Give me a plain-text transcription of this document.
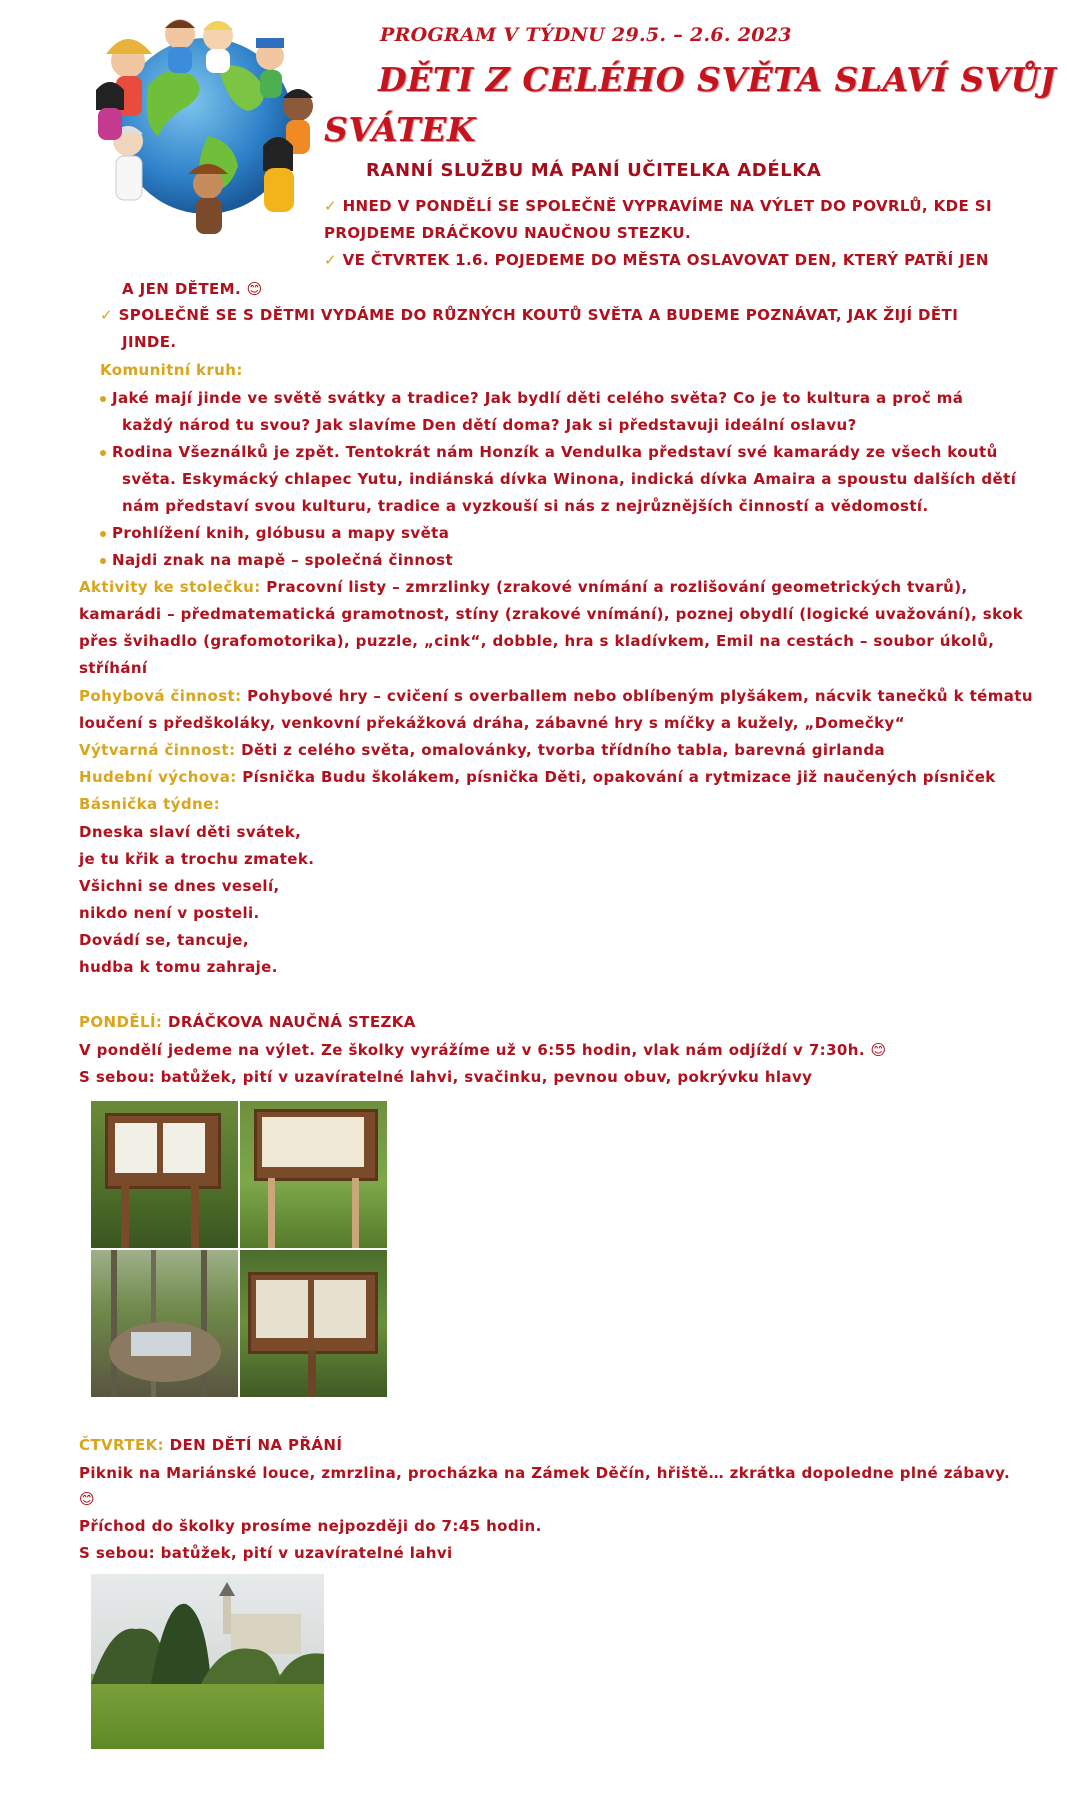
PROGRAM V TÝDNU 29.5. – 2.6. 2023
DĚTI Z CELÉHO SVĚTA SLAVÍ SVŮJ
SVÁTEK
RANNÍ SLUŽBU MÁ PANÍ UČITELKA ADÉLKA
✓ HNED V PONDĚLÍ SE SPOLEČNĚ VYPRAVÍME NA VÝLET DO POVRLŮ, KDE SI
PROJDEME DRÁČKOVU NAUČNOU STEZKU.
✓ VE ČTVRTEK 1.6. POJEDEME DO MĚSTA OSLAVOVAT DEN, KTERÝ PATŘÍ JEN
A JEN DĚTEM. 😊
✓ SPOLEČNĚ SE S DĚTMI VYDÁME DO RŮZNÝCH KOUTŮ SVĚTA A BUDEME POZNÁVAT, JAK ŽIJÍ DĚTI
JINDE.
Komunitní kruh:
Jaké mají jinde ve světě svátky a tradice? Jak bydlí děti celého světa? Co je to kultura a proč má
každý národ tu svou? Jak slavíme Den dětí doma? Jak si představuji ideální oslavu?
Rodina Všeználků je zpět. Tentokrát nám Honzík a Vendulka představí své kamarády ze všech koutů
světa. Eskymácký chlapec Yutu, indiánská dívka Winona, indická dívka Amaira a spoustu dalších dětí
nám představí svou kulturu, tradice a vyzkouší si nás z nejrůznějších činností a vědomostí.
Prohlížení knih, glóbusu a mapy světa
Najdi znak na mapě – společná činnost
Aktivity ke stolečku: Pracovní listy – zmrzlinky (zrakové vnímání a rozlišování geometrických tvarů),
kamarádi – předmatematická gramotnost, stíny (zrakové vnímání), poznej obydlí (logické uvažování), skok
přes švihadlo (grafomotorika), puzzle, „cink“, dobble, hra s kladívkem, Emil na cestách – soubor úkolů,
stříhání
Pohybová činnost: Pohybové hry – cvičení s overballem nebo oblíbeným plyšákem, nácvik tanečků k tématu
loučení s předškoláky, venkovní překážková dráha, zábavné hry s míčky a kužely, „Domečky“
Výtvarná činnost: Děti z celého světa, omalovánky, tvorba třídního tabla, barevná girlanda
Hudební výchova: Písnička Budu školákem, písnička Děti, opakování a rytmizace již naučených písniček
Básnička týdne:
Dneska slaví děti svátek,
je tu křik a trochu zmatek.
Všichni se dnes veselí,
nikdo není v posteli.
Dovádí se, tancuje,
hudba k tomu zahraje.
PONDĚLÍ: DRÁČKOVA NAUČNÁ STEZKA
V pondělí jedeme na výlet. Ze školky vyrážíme už v 6:55 hodin, vlak nám odjíždí v 7:30h. 😊
S sebou: batůžek, pití v uzavíratelné lahvi, svačinku, pevnou obuv, pokrývku hlavy
ČTVRTEK: DEN DĚTÍ NA PŘÁNÍ
Piknik na Mariánské louce, zmrzlina, procházka na Zámek Děčín, hřiště… zkrátka dopoledne plné zábavy.
😊
Příchod do školky prosíme nejpozději do 7:45 hodin.
S sebou: batůžek, pití v uzavíratelné lahvi
